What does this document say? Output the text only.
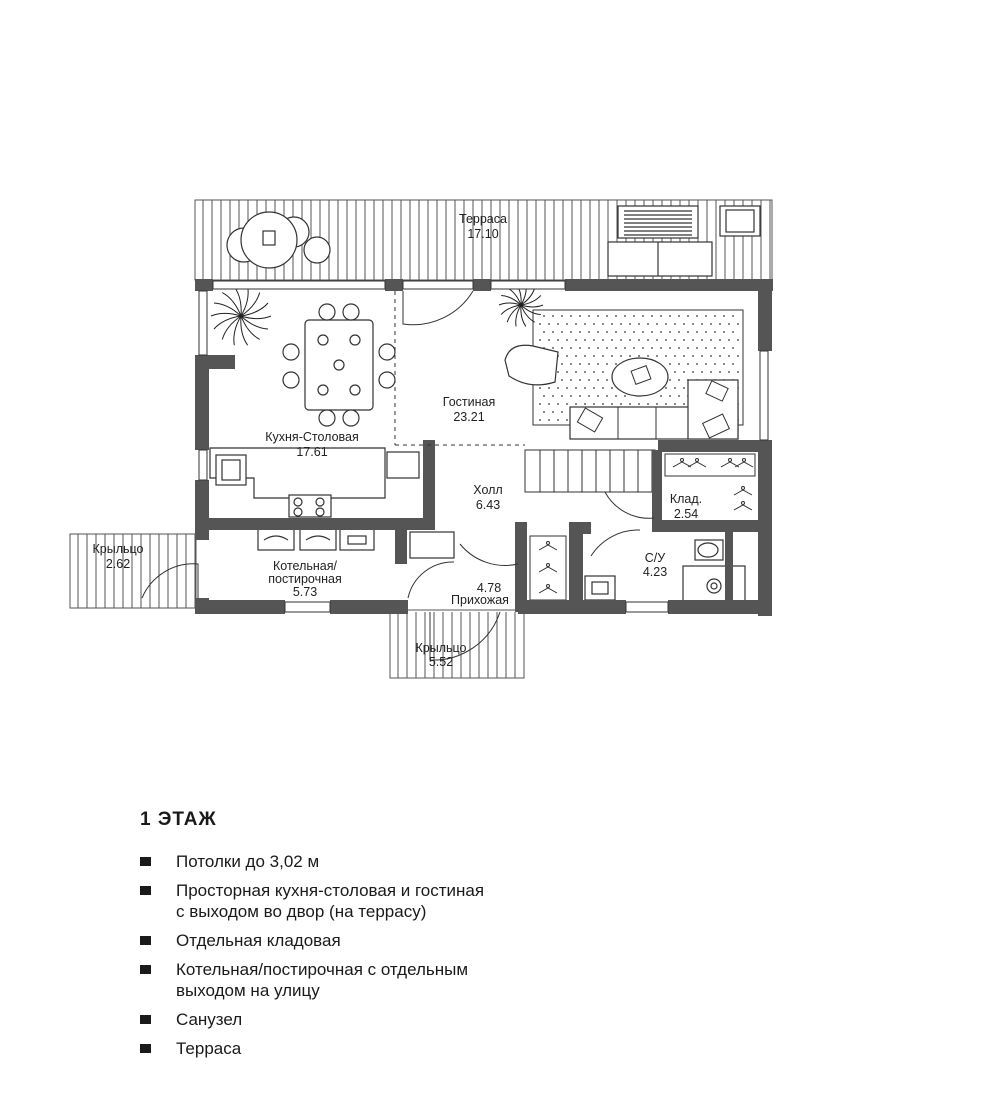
Терраса
17.10
Кухня-Столовая
17.61
Гостиная
23.21
Холл
6.43	Клад.
2.54
Котельная/
постирочная
5.73
Крыльцо
2.62
Прихожая
4.78
С/У
4.23
Крыльцо
5.52
1 ЭТАЖ
Потолки до 3,02 м
Просторная кухня-столовая и гостиная
с выходом во двор (на террасу)
Отдельная кладовая
Котельная/постирочная с отдельным
выходом на улицу
Санузел
Терраса
